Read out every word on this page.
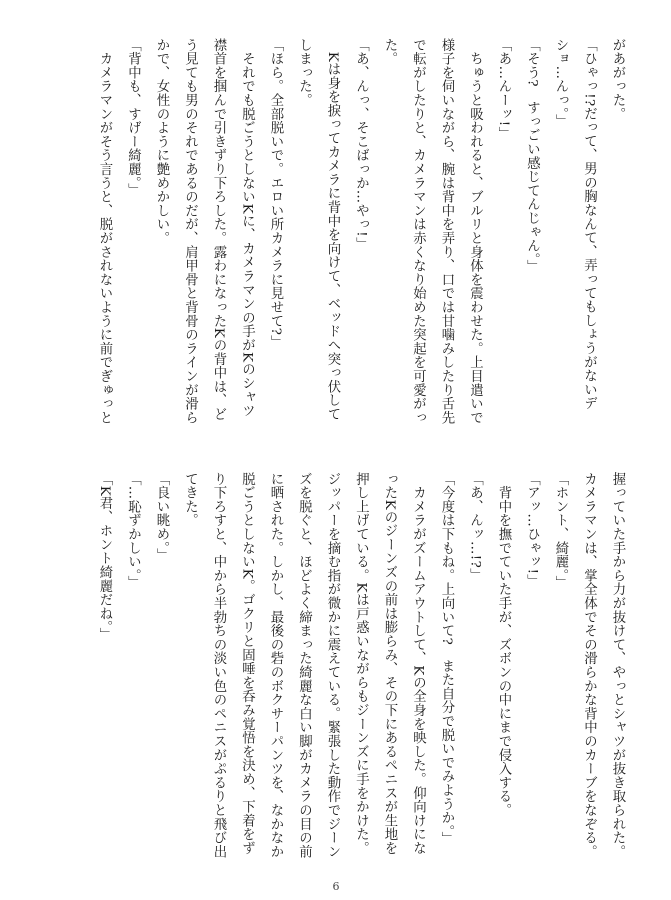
があがった。
「ひゃっ!?だって、男の胸なんて、弄ってもしょうがないデ
ショ…んっ。」
「そう?　すっごい感じてんじゃん。」
「あ…んーッ!」
　ちゅうと吸われると、ブルリと身体を震わせた。上目遣いで
様子を伺いながら、腕は背中を弄り、口では甘噛みしたり舌先
で転がしたりと、カメラマンは赤くなり始めた突起を可愛がっ
た。
「あ、んっ、そこばっか…やっ!」
　Kは身を捩ってカメラに背中を向けて、ベッドへ突っ伏して
しまった。
「ほら。全部脱いで。エロい所カメラに見せて?」
　それでも脱ごうとしないKに、カメラマンの手がKのシャツ
襟首を掴んで引きずり下ろした。露わになったKの背中は、ど
う見ても男のそれであるのだが、肩甲骨と背骨のラインが滑ら
かで、女性のように艶めかしい。
「背中も、すげー綺麗。」
　カメラマンがそう言うと、脱がされないように前でぎゅっと
握っていた手から力が抜けて、やっとシャツが抜き取られた。
カメラマンは、掌全体でその滑らかな背中のカーブをなぞる。
「ホント、綺麗。」
「アッ…ひゃッ!」
　背中を撫でていた手が、ズボンの中にまで侵入する。
「あ、んッ…!?」
「今度は下もね。上向いて?　また自分で脱いでみようか。」
　カメラがズームアウトして、Kの全身を映した。仰向けにな
ったKのジーンズの前は膨らみ、その下にあるペニスが生地を
押し上げている。Kは戸惑いながらもジーンズに手をかけた。
ジッパーを摘む指が微かに震えている。緊張した動作でジーン
ズを脱ぐと、ほどよく締まった綺麗な白い脚がカメラの目の前
に晒された。しかし、最後の砦のボクサーパンツを、なかなか
脱ごうとしないK。ゴクリと固唾を呑み覚悟を決め、下着をず
り下ろすと、中から半勃ちの淡い色のペニスがぷるりと飛び出
てきた。
「良い眺め。」
「…恥ずかしい。」
「K君、ホント綺麗だね。」
6
